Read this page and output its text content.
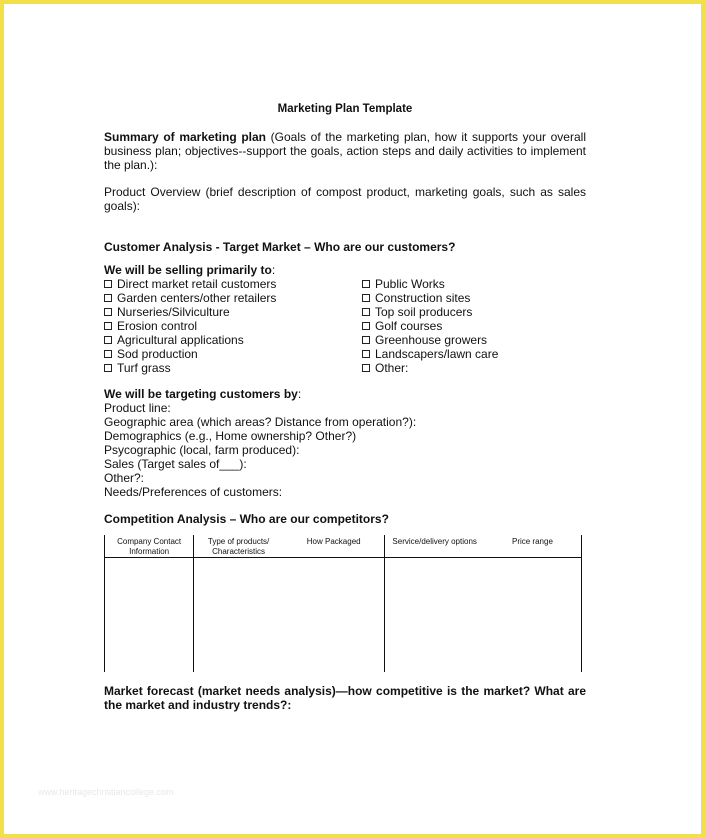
Marketing Plan Template
Summary of marketing plan (Goals of the marketing plan, how it supports your overall business plan; objectives--support the goals, action steps and daily activities to implement the plan.):
Product Overview (brief description of compost product, marketing goals, such as sales goals):
Customer Analysis - Target Market – Who are our customers?
We will be selling primarily to:
Direct market retail customers
Garden centers/other retailers
Nurseries/Silviculture
Erosion control
Agricultural applications
Sod production
Turf grass
Public Works
Construction sites
Top soil producers
Golf courses
Greenhouse growers
Landscapers/lawn care
Other:
We will be targeting customers by:
Product line:
Geographic area (which areas? Distance from operation?):
Demographics (e.g., Home ownership? Other?)
Psycographic (local, farm produced):
Sales (Target sales of___):
Other?:
Needs/Preferences of customers:
Competition Analysis – Who are our competitors?
Company Contact Information	Type of products/ Characteristics	How Packaged	Service/delivery options	Price range

Market forecast (market needs analysis)—how competitive is the market? What are the market and industry trends?:
www.heritagechristiancollege.com
